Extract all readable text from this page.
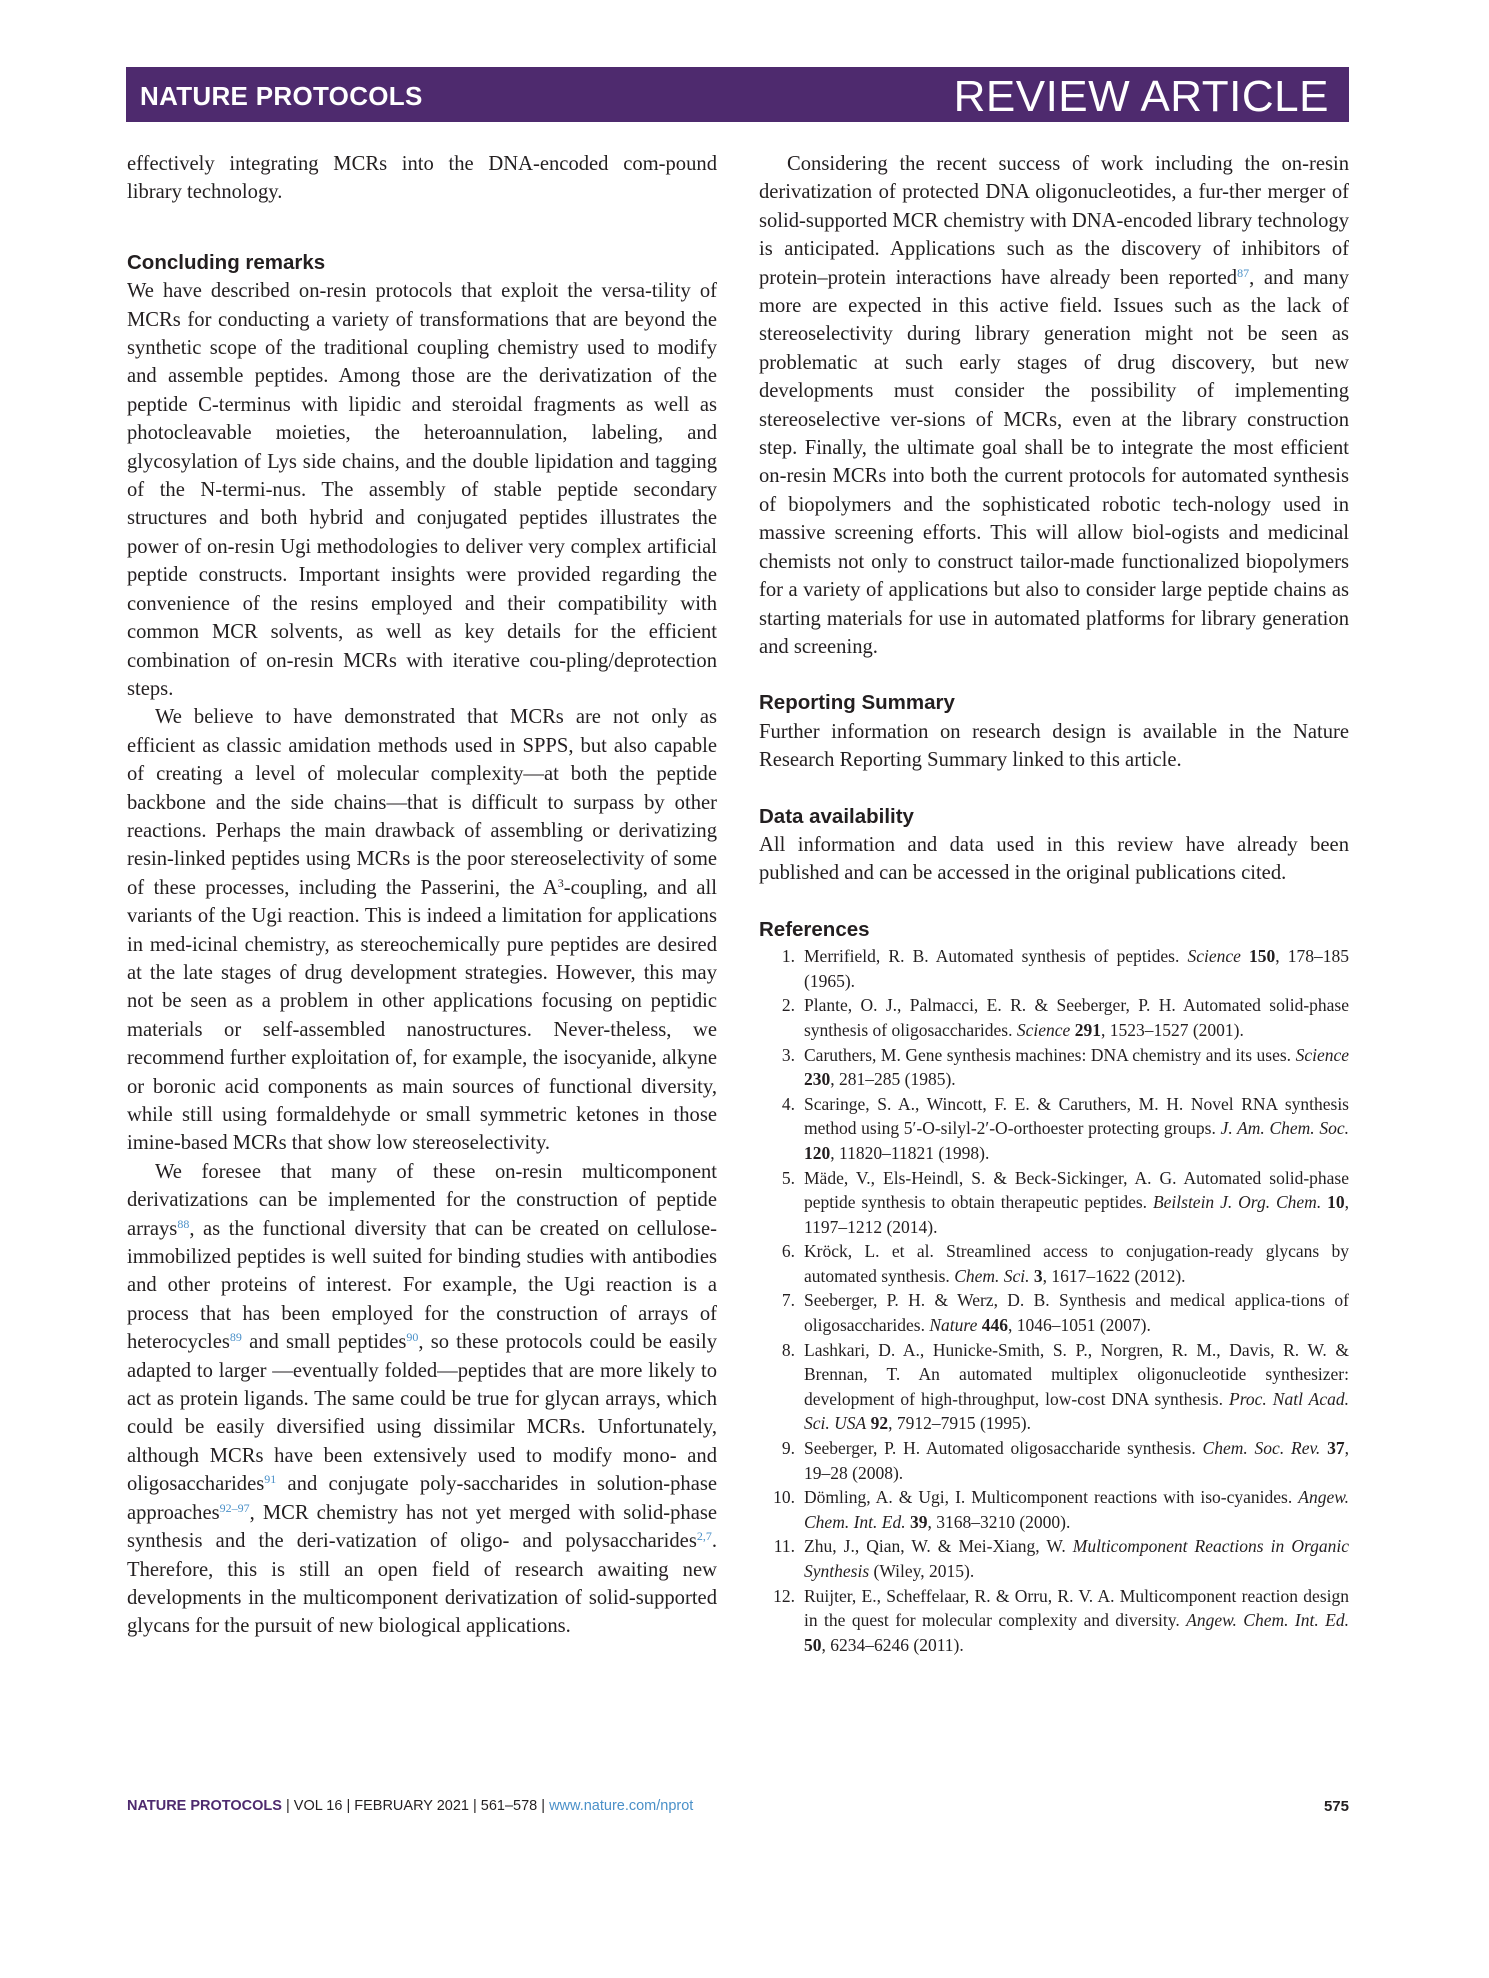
NATURE PROTOCOLS	REVIEW ARTICLE

effectively integrating MCRs into the DNA-encoded com-pound library technology.

Concluding remarks

We have described on-resin protocols that exploit the versa-tility of MCRs for conducting a variety of transformations that are beyond the synthetic scope of the traditional coupling chemistry used to modify and assemble peptides. Among those are the derivatization of the peptide C-terminus with lipidic and steroidal fragments as well as photocleavable moieties, the heteroannulation, labeling, and glycosylation of Lys side chains, and the double lipidation and tagging of the N-termi-nus. The assembly of stable peptide secondary structures and both hybrid and conjugated peptides illustrates the power of on-resin Ugi methodologies to deliver very complex artificial peptide constructs. Important insights were provided regarding the convenience of the resins employed and their compatibility with common MCR solvents, as well as key details for the efficient combination of on-resin MCRs with iterative cou-pling/deprotection steps.

We believe to have demonstrated that MCRs are not only as efficient as classic amidation methods used in SPPS, but also capable of creating a level of molecular complexity—at both the peptide backbone and the side chains—that is difficult to surpass by other reactions. Perhaps the main drawback of assembling or derivatizing resin-linked peptides using MCRs is the poor stereoselectivity of some of these processes, including the Passerini, the $A^3$-coupling, and all variants of the Ugi reaction. This is indeed a limitation for applications in med-icinal chemistry, as stereochemically pure peptides are desired at the late stages of drug development strategies. However, this may not be seen as a problem in other applications focusing on peptidic materials or self-assembled nanostructures. Never-theless, we recommend further exploitation of, for example, the isocyanide, alkyne or boronic acid components as main sources of functional diversity, while still using formaldehyde or small symmetric ketones in those imine-based MCRs that show low stereoselectivity.

We foresee that many of these on-resin multicomponent derivatizations can be implemented for the construction of peptide arrays$^{88}$, as the functional diversity that can be created on cellulose-immobilized peptides is well suited for binding studies with antibodies and other proteins of interest. For example, the Ugi reaction is a process that has been employed for the construction of arrays of heterocycles$^{89}$ and small peptides$^{90}$, so these protocols could be easily adapted to larger —eventually folded—peptides that are more likely to act as protein ligands. The same could be true for glycan arrays, which could be easily diversified using dissimilar MCRs. Unfortunately, although MCRs have been extensively used to modify mono- and oligosaccharides$^{91}$ and conjugate poly-saccharides in solution-phase approaches$^{92-97}$, MCR chemistry has not yet merged with solid-phase synthesis and the deri-vatization of oligo- and polysaccharides$^{2,7}$. Therefore, this is still an open field of research awaiting new developments in the multicomponent derivatization of solid-supported glycans for the pursuit of new biological applications.

Considering the recent success of work including the on-resin derivatization of protected DNA oligonucleotides, a fur-ther merger of solid-supported MCR chemistry with DNA-encoded library technology is anticipated. Applications such as the discovery of inhibitors of protein–protein interactions have already been reported$^{87}$, and many more are expected in this active field. Issues such as the lack of stereoselectivity during library generation might not be seen as problematic at such early stages of drug discovery, but new developments must consider the possibility of implementing stereoselective ver-sions of MCRs, even at the library construction step. Finally, the ultimate goal shall be to integrate the most efficient on-resin MCRs into both the current protocols for automated synthesis of biopolymers and the sophisticated robotic tech-nology used in massive screening efforts. This will allow biol-ogists and medicinal chemists not only to construct tailor-made functionalized biopolymers for a variety of applications but also to consider large peptide chains as starting materials for use in automated platforms for library generation and screening.

Reporting Summary

Further information on research design is available in the Nature Research Reporting Summary linked to this article.

Data availability

All information and data used in this review have already been published and can be accessed in the original publications cited.

References
1. Merrifield, R. B. Automated synthesis of peptides. Science 150, 178–185 (1965).
2. Plante, O. J., Palmacci, E. R. & Seeberger, P. H. Automated solid-phase synthesis of oligosaccharides. Science 291, 1523–1527 (2001).
3. Caruthers, M. Gene synthesis machines: DNA chemistry and its uses. Science 230, 281–285 (1985).
4. Scaringe, S. A., Wincott, F. E. & Caruthers, M. H. Novel RNA synthesis method using 5′-O-silyl-2′-O-orthoester protecting groups. J. Am. Chem. Soc. 120, 11820–11821 (1998).
5. Mäde, V., Els-Heindl, S. & Beck-Sickinger, A. G. Automated solid-phase peptide synthesis to obtain therapeutic peptides. Beilstein J. Org. Chem. 10, 1197–1212 (2014).
6. Kröck, L. et al. Streamlined access to conjugation-ready glycans by automated synthesis. Chem. Sci. 3, 1617–1622 (2012).
7. Seeberger, P. H. & Werz, D. B. Synthesis and medical applica-tions of oligosaccharides. Nature 446, 1046–1051 (2007).
8. Lashkari, D. A., Hunicke-Smith, S. P., Norgren, R. M., Davis, R. W. & Brennan, T. An automated multiplex oligonucleotide synthesizer: development of high-throughput, low-cost DNA synthesis. Proc. Natl Acad. Sci. USA 92, 7912–7915 (1995).
9. Seeberger, P. H. Automated oligosaccharide synthesis. Chem. Soc. Rev. 37, 19–28 (2008).
10. Dömling, A. & Ugi, I. Multicomponent reactions with iso-cyanides. Angew. Chem. Int. Ed. 39, 3168–3210 (2000).
11. Zhu, J., Qian, W. & Mei-Xiang, W. Multicomponent Reactions in Organic Synthesis (Wiley, 2015).
12. Ruijter, E., Scheffelaar, R. & Orru, R. V. A. Multicomponent reaction design in the quest for molecular complexity and diversity. Angew. Chem. Int. Ed. 50, 6234–6246 (2011).
NATURE PROTOCOLS | VOL 16 | FEBRUARY 2021 | 561–578 | www.nature.com/nprot	575
